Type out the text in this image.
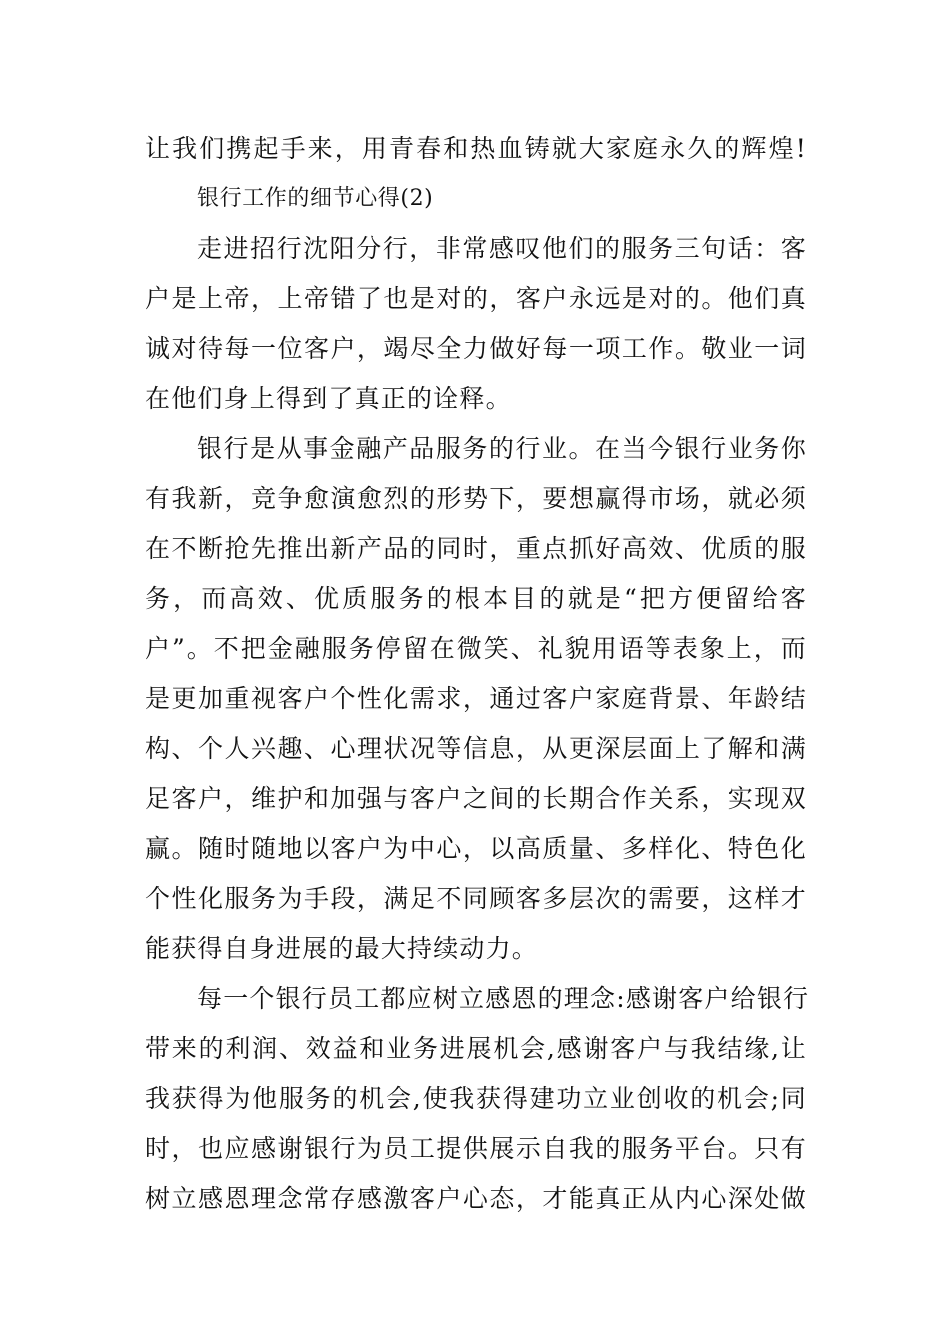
让我们携起手来，用青春和热血铸就大家庭永久的辉煌!
银行工作的细节心得(2)
走进招行沈阳分行，非常感叹他们的服务三句话：客
户是上帝，上帝错了也是对的，客户永远是对的。他们真
诚对待每一位客户，竭尽全力做好每一项工作。敬业一词
在他们身上得到了真正的诠释。
银行是从事金融产品服务的行业。在当今银行业务你
有我新，竞争愈演愈烈的形势下，要想赢得市场，就必须
在不断抢先推出新产品的同时，重点抓好高效、优质的服
务，而高效、优质服务的根本目的就是“把方便留给客
户”。不把金融服务停留在微笑、礼貌用语等表象上，而
是更加重视客户个性化需求，通过客户家庭背景、年龄结
构、个人兴趣、心理状况等信息，从更深层面上了解和满
足客户，维护和加强与客户之间的长期合作关系，实现双
赢。随时随地以客户为中心，以高质量、多样化、特色化
个性化服务为手段，满足不同顾客多层次的需要，这样才
能获得自身进展的最大持续动力。
每一个银行员工都应树立感恩的理念:感谢客户给银行
带来的利润、效益和业务进展机会,感谢客户与我结缘,让
我获得为他服务的机会,使我获得建功立业创收的机会;同
时，也应感谢银行为员工提供展示自我的服务平台。只有
树立感恩理念常存感激客户心态，才能真正从内心深处做
